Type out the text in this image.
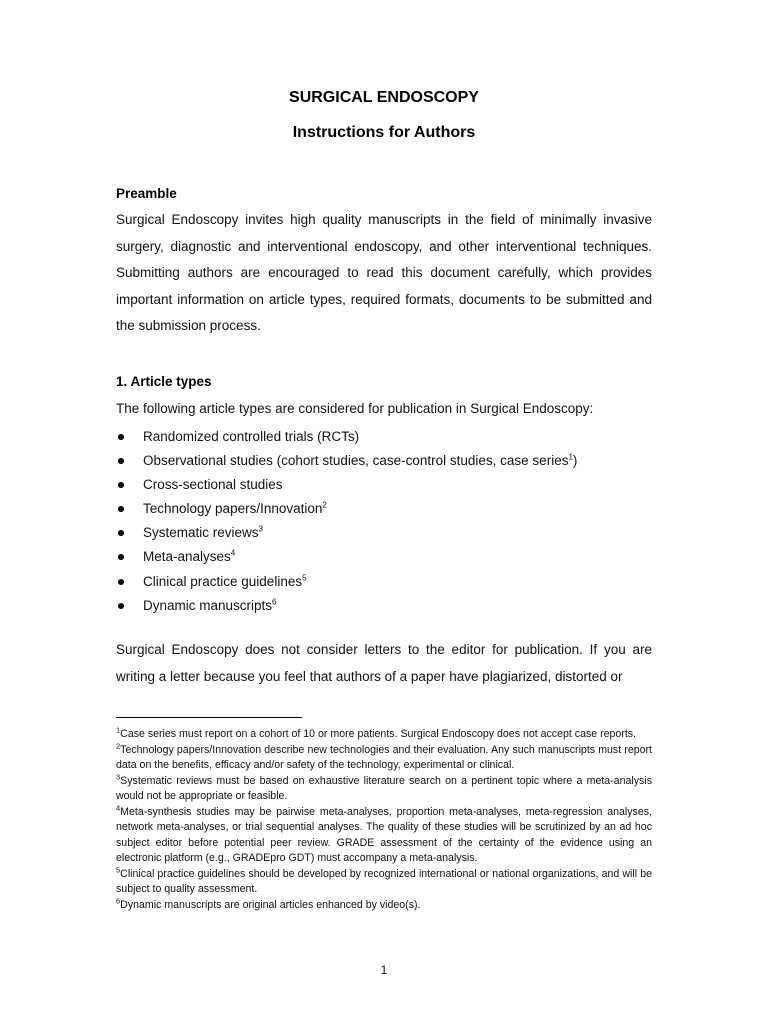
SURGICAL ENDOSCOPY
Instructions for Authors
Preamble

Surgical Endoscopy invites high quality manuscripts in the field of minimally invasive surgery, diagnostic and interventional endoscopy, and other interventional techniques. Submitting authors are encouraged to read this document carefully, which provides important information on article types, required formats, documents to be submitted and the submission process.

1. Article types

The following article types are considered for publication in Surgical Endoscopy:

Randomized controlled trials (RCTs)
Observational studies (cohort studies, case-control studies, case series$^1$)
Cross-sectional studies
Technology papers/Innovation$^2$
Systematic reviews$^3$
Meta-analyses$^4$
Clinical practice guidelines$^5$
Dynamic manuscripts$^6$

Surgical Endoscopy does not consider letters to the editor for publication. If you are writing a letter because you feel that authors of a paper have plagiarized, distorted or

$^1$Case series must report on a cohort of 10 or more patients. Surgical Endoscopy does not accept case reports.
$^2$Technology papers/Innovation describe new technologies and their evaluation. Any such manuscripts must report data on the benefits, efficacy and/or safety of the technology, experimental or clinical.
$^3$Systematic reviews must be based on exhaustive literature search on a pertinent topic where a meta-analysis would not be appropriate or feasible.
$^4$Meta-synthesis studies may be pairwise meta-analyses, proportion meta-analyses, meta-regression analyses, network meta-analyses, or trial sequential analyses. The quality of these studies will be scrutinized by an ad hoc subject editor before potential peer review. GRADE assessment of the certainty of the evidence using an electronic platform (e.g., GRADEpro GDT) must accompany a meta-analysis.
$^5$Clinical practice guidelines should be developed by recognized international or national organizations, and will be subject to quality assessment.
$^6$Dynamic manuscripts are original articles enhanced by video(s).
1
